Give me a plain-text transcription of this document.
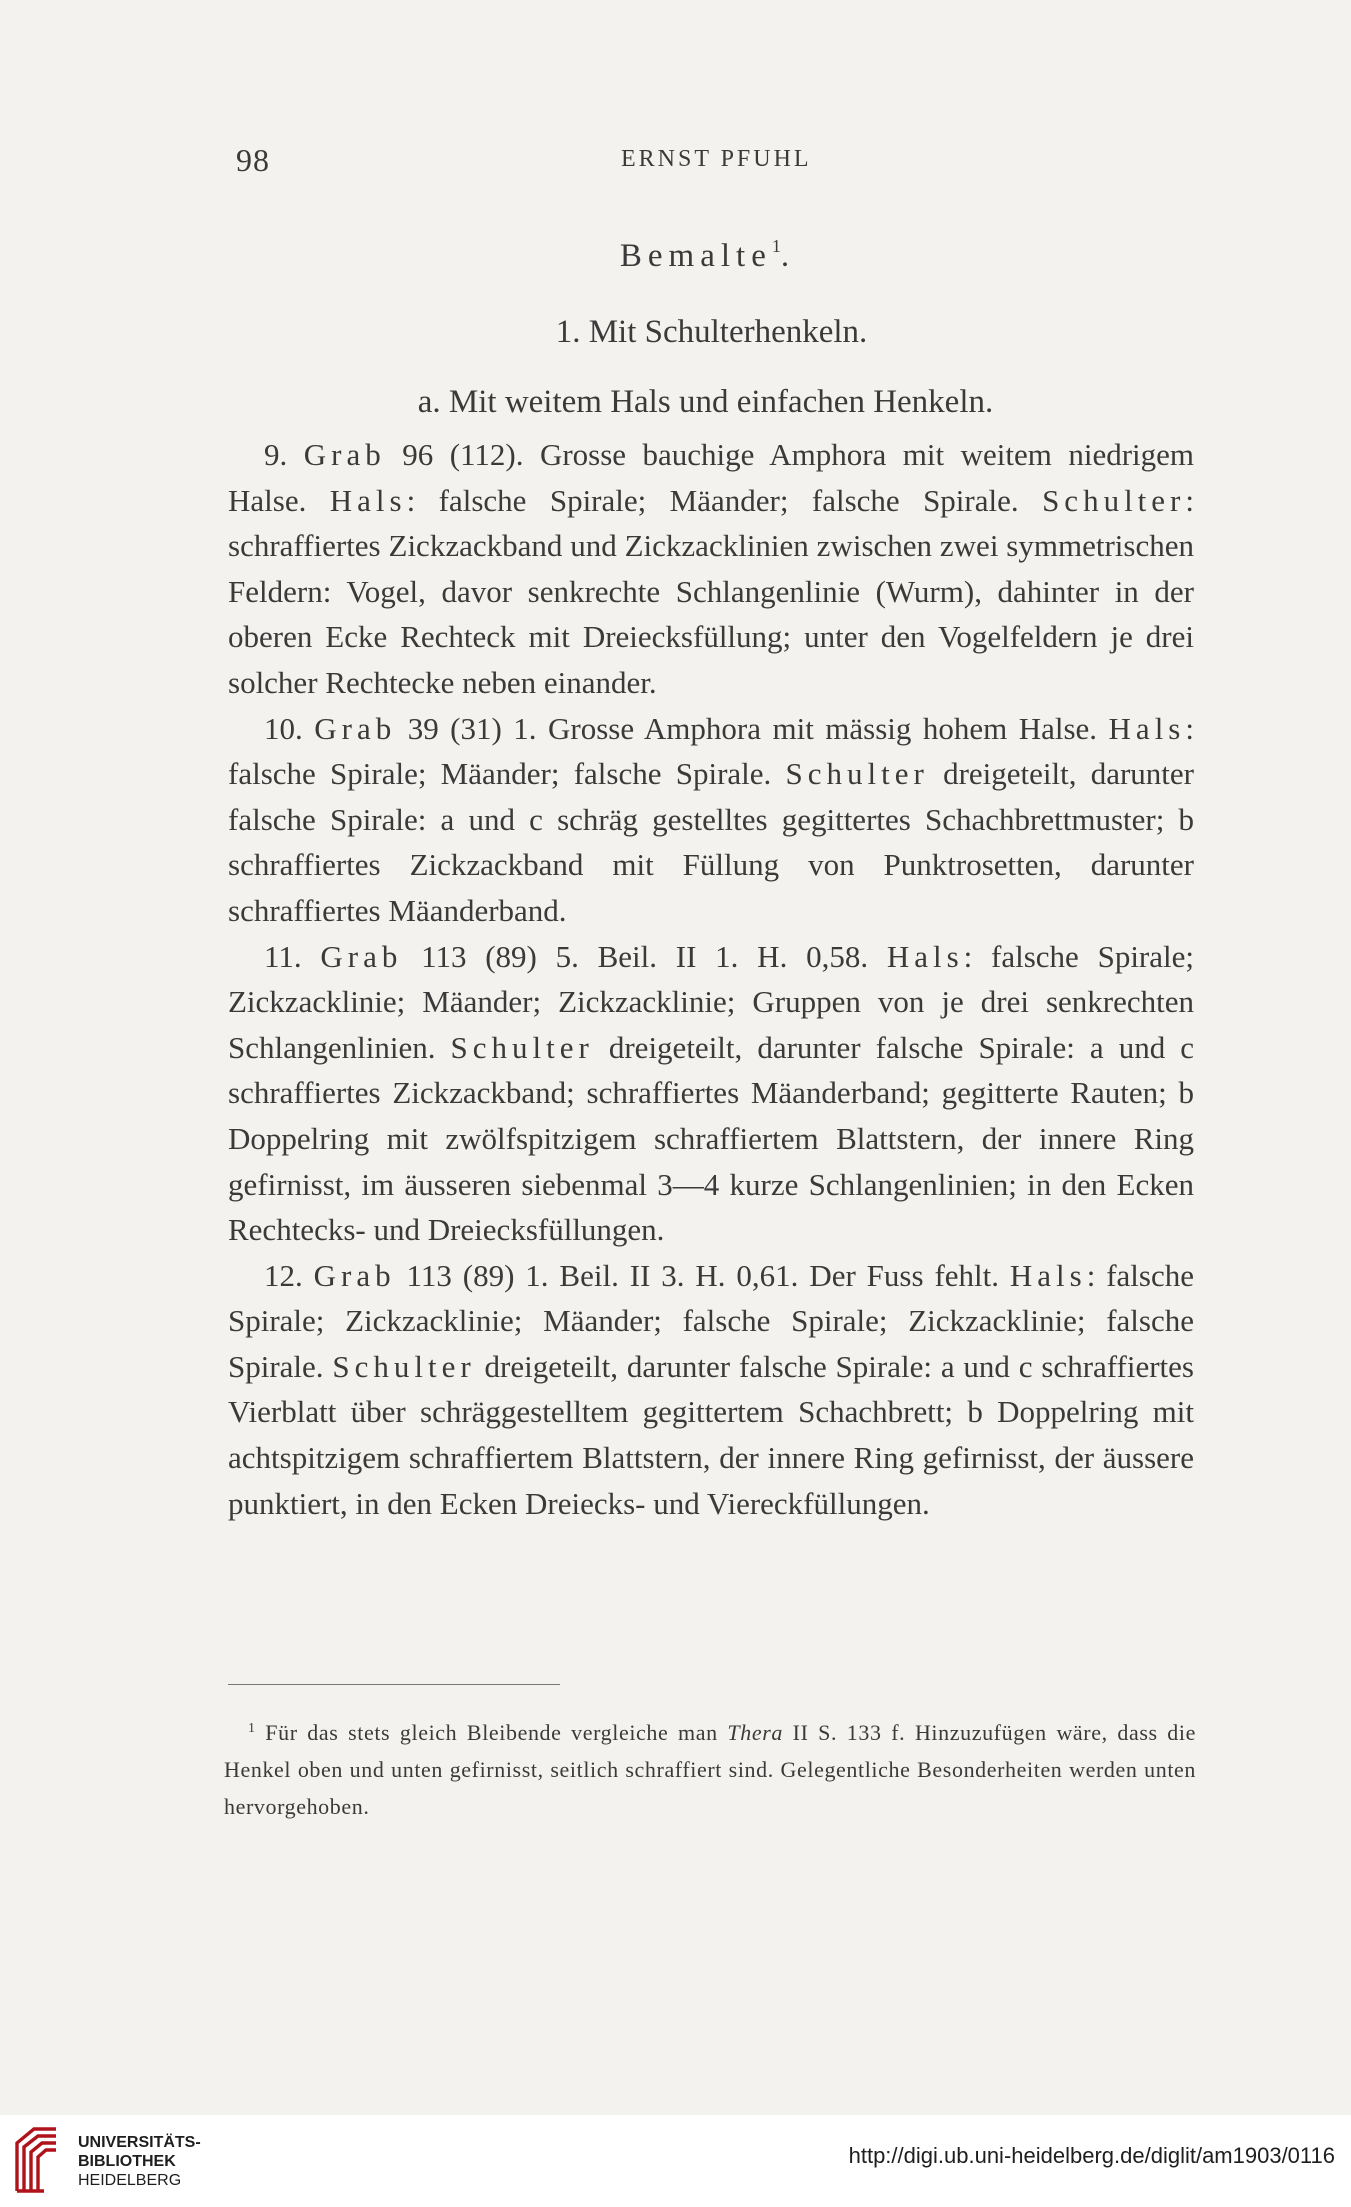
98	ERNST PFUHL
Bemalte$^1$.
1. Mit Schulterhenkeln.
a. Mit weitem Hals und einfachen Henkeln.

9. Grab 96 (112). Grosse bauchige Amphora mit weitem niedrigem Halse. Hals: falsche Spirale; Mäander; falsche Spirale. Schulter: schraffiertes Zickzackband und Zickzacklinien zwischen zwei symmetrischen Feldern: Vogel, davor senkrechte Schlangenlinie (Wurm), dahinter in der oberen Ecke Rechteck mit Dreiecksfüllung; unter den Vogelfeldern je drei solcher Rechtecke neben einander.

10. Grab 39 (31) 1. Grosse Amphora mit mässig hohem Halse. Hals: falsche Spirale; Mäander; falsche Spirale. Schulter dreigeteilt, darunter falsche Spirale: a und c schräg gestelltes gegittertes Schachbrettmuster; b schraffiertes Zickzackband mit Füllung von Punktrosetten, darunter schraffiertes Mäanderband.

11. Grab 113 (89) 5. Beil. II 1. H. 0,58. Hals: falsche Spirale; Zickzacklinie; Mäander; Zickzacklinie; Gruppen von je drei senkrechten Schlangenlinien. Schulter dreigeteilt, darunter falsche Spirale: a und c schraffiertes Zickzackband; schraffiertes Mäanderband; gegitterte Rauten; b Doppelring mit zwölfspitzigem schraffiertem Blattstern, der innere Ring gefirnisst, im äusseren siebenmal 3—4 kurze Schlangenlinien; in den Ecken Rechtecks- und Dreiecksfüllungen.

12. Grab 113 (89) 1. Beil. II 3. H. 0,61. Der Fuss fehlt. Hals: falsche Spirale; Zickzacklinie; Mäander; falsche Spirale; Zickzacklinie; falsche Spirale. Schulter dreigeteilt, darunter falsche Spirale: a und c schraffiertes Vierblatt über schräggestelltem gegittertem Schachbrett; b Doppelring mit achtspitzigem schraffiertem Blattstern, der innere Ring gefirnisst, der äussere punktiert, in den Ecken Dreiecks- und Viereckfüllungen.

$^1$ Für das stets gleich Bleibende vergleiche man Thera II S. 133 f. Hinzuzufügen wäre, dass die Henkel oben und unten gefirnisst, seitlich schraffiert sind. Gelegentliche Besonderheiten werden unten hervorgehoben.
UNIVERSITÄTS-
BIBLIOTHEK
HEIDELBERG
http://digi.ub.uni-heidelberg.de/diglit/am1903/0116
